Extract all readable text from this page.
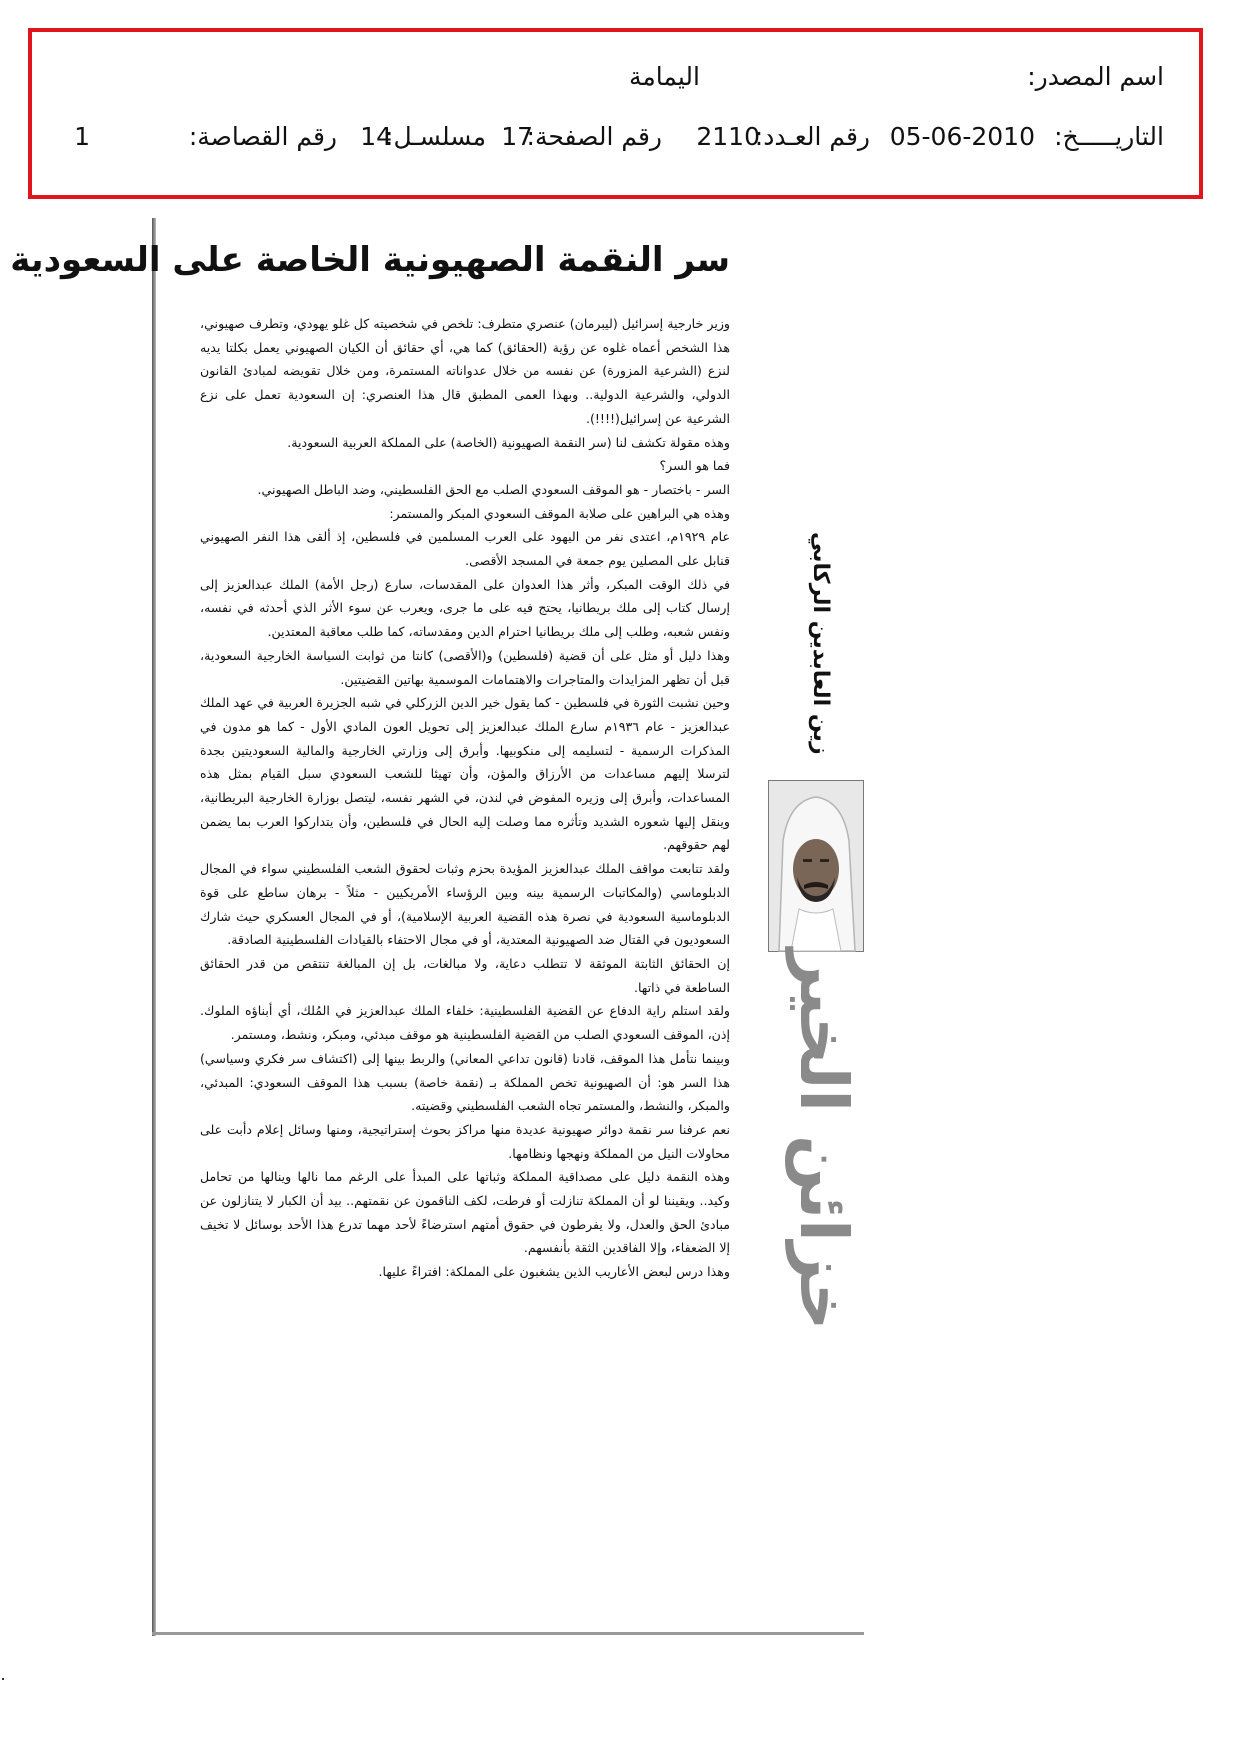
اسم المصدر:
اليمامة
التاريـــــخ:
05-06-2010
رقم العـدد:
2110
رقم الصفحة:
17
مسلسـل:
14
رقم القصاصة:
1
سر النقمة الصهيونية الخاصة على السعودية

وزير خارجية إسرائيل (ليبرمان) عنصري متطرف: تلخص في شخصيته كل غلو يهودي، وتطرف صهيوني، هذا الشخص أعماه غلوه عن رؤية (الحقائق) كما هي، أي حقائق أن الكيان الصهيوني يعمل بكلتا يديه لنزع (الشرعية المزورة) عن نفسه من خلال عدواناته المستمرة، ومن خلال تقويضه لمبادئ القانون الدولي، والشرعية الدولية.. وبهذا العمى المطبق قال هذا العنصري: إن السعودية تعمل على نزع الشرعية عن إسرائيل(!!!!).

وهذه مقولة تكشف لنا (سر النقمة الصهيونية (الخاصة) على المملكة العربية السعودية.

فما هو السر؟

السر - باختصار - هو الموقف السعودي الصلب مع الحق الفلسطيني، وضد الباطل الصهيوني.

وهذه هي البراهين على صلابة الموقف السعودي المبكر والمستمر:

عام ١٩٢٩م، اعتدى نفر من اليهود على العرب المسلمين في فلسطين، إذ ألقى هذا النفر الصهيوني قنابل على المصلين يوم جمعة في المسجد الأقصى.

في ذلك الوقت المبكر، وأثر هذا العدوان على المقدسات، سارع (رجل الأمة) الملك عبدالعزيز إلى إرسال كتاب إلى ملك بريطانيا، يحتج فيه على ما جرى، ويعرب عن سوء الأثر الذي أحدثه في نفسه، ونفس شعبه، وطلب إلى ملك بريطانيا احترام الدين ومقدساته، كما طلب معاقبة المعتدين.

وهذا دليل أو مثل على أن قضية (فلسطين) و(الأقصى) كانتا من ثوابت السياسة الخارجية السعودية، قبل أن تظهر المزايدات والمتاجرات والاهتمامات الموسمية بهاتين القضيتين.

وحين نشبت الثورة في فلسطين - كما يقول خير الدين الزركلي في شبه الجزيرة العربية في عهد الملك عبدالعزيز - عام ١٩٣٦م سارع الملك عبدالعزيز إلى تحويل العون المادي الأول - كما هو مدون في المذكرات الرسمية - لتسليمه إلى منكوبيها. وأبرق إلى وزارتي الخارجية والمالية السعوديتين بجدة لترسلا إليهم مساعدات من الأرزاق والمؤن، وأن تهيئا للشعب السعودي سبل القيام بمثل هذه المساعدات، وأبرق إلى وزيره المفوض في لندن، في الشهر نفسه، ليتصل بوزارة الخارجية البريطانية، وينقل إليها شعوره الشديد وتأثره مما وصلت إليه الحال في فلسطين، وأن يتداركوا العرب بما يضمن لهم حقوقهم.

ولقد تتابعت مواقف الملك عبدالعزيز المؤيدة بحزم وثبات لحقوق الشعب الفلسطيني سواء في المجال الدبلوماسي (والمكاتبات الرسمية بينه وبين الرؤساء الأمريكيين - مثلاً - برهان ساطع على قوة الدبلوماسية السعودية في نصرة هذه القضية العربية الإسلامية)، أو في المجال العسكري حيث شارك السعوديون في القتال ضد الصهيونية المعتدية، أو في مجال الاحتفاء بالقيادات الفلسطينية الصادقة.

إن الحقائق الثابتة الموثقة لا تتطلب دعاية، ولا مبالغات، بل إن المبالغة تنتقص من قدر الحقائق الساطعة في ذاتها.

ولقد استلم راية الدفاع عن القضية الفلسطينية: خلفاء الملك عبدالعزيز في المُلك، أي أبناؤه الملوك. إذن، الموقف السعودي الصلب من القضية الفلسطينية هو موقف مبدئي، ومبكر، ونشط، ومستمر.

وبينما نتأمل هذا الموقف، قادنا (قانون تداعي المعاني) والربط بينها إلى (اكتشاف سر فكري وسياسي) هذا السر هو: أن الصهيونية تخص المملكة بـ (نقمة خاصة) بسبب هذا الموقف السعودي: المبدئي، والمبكر، والنشط، والمستمر تجاه الشعب الفلسطيني وقضيته.

نعم عرفنا سر نقمة دوائر صهيونية عديدة منها مراكز بحوث إستراتيجية، ومنها وسائل إعلام دأبت على محاولات النيل من المملكة ونهجها ونظامها.

وهذه النقمة دليل على مصداقية المملكة وثباتها على المبدأ على الرغم مما نالها وينالها من تحامل وكيد.. ويقيننا لو أن المملكة تنازلت أو فرطت، لكف الناقمون عن نقمتهم.. بيد أن الكبار لا يتنازلون عن مبادئ الحق والعدل، ولا يفرطون في حقوق أمتهم استرضاءً لأحد مهما تدرع هذا الأحد بوسائل لا تخيف إلا الضعفاء، وإلا الفاقدين الثقة بأنفسهم.

وهذا درس لبعض الأعاريب الذين يشغبون على المملكة: افتراءً عليها.

زين العابدين الركابي
خزائن الخير
